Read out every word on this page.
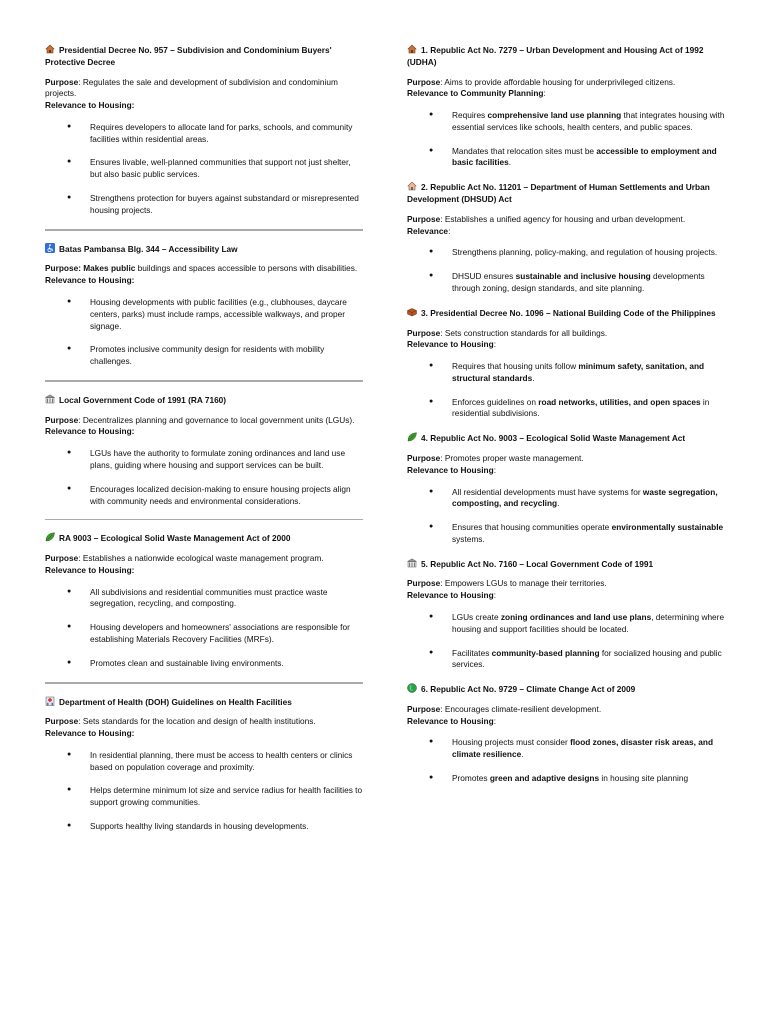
Presidential Decree No. 957 – Subdivision and Condominium Buyers' Protective Decree

Purpose: Regulates the sale and development of subdivision and condominium projects.

Relevance to Housing:

● Requires developers to allocate land for parks, schools, and community facilities within residential areas.
● Ensures livable, well-planned communities that support not just shelter, but also basic public services.
● Strengthens protection for buyers against substandard or misrepresented housing projects.
Batas Pambansa Blg. 344 – Accessibility Law

Purpose: Makes public buildings and spaces accessible to persons with disabilities.

Relevance to Housing:

● Housing developments with public facilities (e.g., clubhouses, daycare centers, parks) must include ramps, accessible walkways, and proper signage.
● Promotes inclusive community design for residents with mobility challenges.
Local Government Code of 1991 (RA 7160)

Purpose: Decentralizes planning and governance to local government units (LGUs).

Relevance to Housing:

● LGUs have the authority to formulate zoning ordinances and land use plans, guiding where housing and support services can be built.
● Encourages localized decision-making to ensure housing projects align with community needs and environmental considerations.
RA 9003 – Ecological Solid Waste Management Act of 2000

Purpose: Establishes a nationwide ecological waste management program.

Relevance to Housing:

● All subdivisions and residential communities must practice waste segregation, recycling, and composting.
● Housing developers and homeowners' associations are responsible for establishing Materials Recovery Facilities (MRFs).
● Promotes clean and sustainable living environments.
Department of Health (DOH) Guidelines on Health Facilities

Purpose: Sets standards for the location and design of health institutions.

Relevance to Housing:

● In residential planning, there must be access to health centers or clinics based on population coverage and proximity.
● Helps determine minimum lot size and service radius for health facilities to support growing communities.
● Supports healthy living standards in housing developments.
1. Republic Act No. 7279 – Urban Development and Housing Act of 1992 (UDHA)

Purpose: Aims to provide affordable housing for underprivileged citizens.

Relevance to Community Planning:

● Requires comprehensive land use planning that integrates housing with essential services like schools, health centers, and public spaces.
● Mandates that relocation sites must be accessible to employment and basic facilities.
2. Republic Act No. 11201 – Department of Human Settlements and Urban Development (DHSUD) Act

Purpose: Establishes a unified agency for housing and urban development.

Relevance:

● Strengthens planning, policy-making, and regulation of housing projects.
● DHSUD ensures sustainable and inclusive housing developments through zoning, design standards, and site planning.
3. Presidential Decree No. 1096 – National Building Code of the Philippines

Purpose: Sets construction standards for all buildings.

Relevance to Housing:

● Requires that housing units follow minimum safety, sanitation, and structural standards.
● Enforces guidelines on road networks, utilities, and open spaces in residential subdivisions.
4. Republic Act No. 9003 – Ecological Solid Waste Management Act

Purpose: Promotes proper waste management.

Relevance to Housing:

● All residential developments must have systems for waste segregation, composting, and recycling.
● Ensures that housing communities operate environmentally sustainable systems.
5. Republic Act No. 7160 – Local Government Code of 1991

Purpose: Empowers LGUs to manage their territories.

Relevance to Housing:

● LGUs create zoning ordinances and land use plans, determining where housing and support facilities should be located.
● Facilitates community-based planning for socialized housing and public services.
6. Republic Act No. 9729 – Climate Change Act of 2009

Purpose: Encourages climate-resilient development.

Relevance to Housing:

● Housing projects must consider flood zones, disaster risk areas, and climate resilience.
● Promotes green and adaptive designs in housing site planning
